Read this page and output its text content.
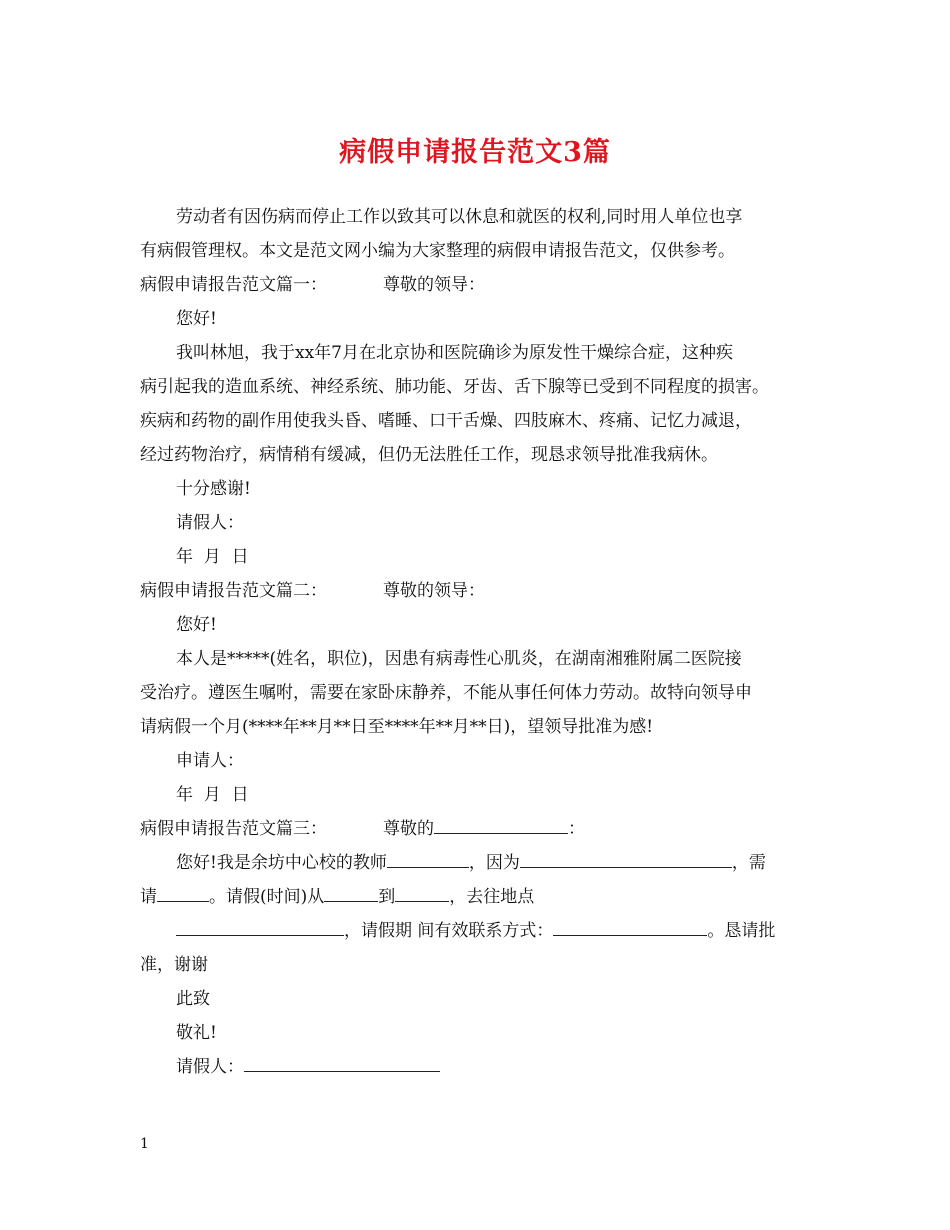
病假申请报告范文3篇
劳动者有因伤病而停止工作以致其可以休息和就医的权利,同时用人单位也享
有病假管理权。本文是范文网小编为大家整理的病假申请报告范文，仅供参考。
病假申请报告范文篇一：	尊敬的领导：
您好!
我叫林旭，我于xx年7月在北京协和医院确诊为原发性干燥综合症，这种疾
病引起我的造血系统、神经系统、肺功能、牙齿、舌下腺等已受到不同程度的损害。
疾病和药物的副作用使我头昏、嗜睡、口干舌燥、四肢麻木、疼痛、记忆力减退，
经过药物治疗，病情稍有缓减，但仍无法胜任工作，现恳求领导批准我病休。
十分感谢!
请假人：
年  月  日
病假申请报告范文篇二：	尊敬的领导：
您好!
本人是*****(姓名，职位)，因患有病毒性心肌炎，在湖南湘雅附属二医院接
受治疗。遵医生嘱咐，需要在家卧床静养，不能从事任何体力劳动。故特向领导申
请病假一个月(****年**月**日至****年**月**日)，望领导批准为感!
申请人：
年  月  日
病假申请报告范文篇三：	尊敬的	：
您好!我是余坊中心校的教师	，因为	，需
请	。请假(时间)从	到	，去往地点
，请假期 间有效联系方式：	。恳请批
准，谢谢
此致
敬礼!
请假人：
1
